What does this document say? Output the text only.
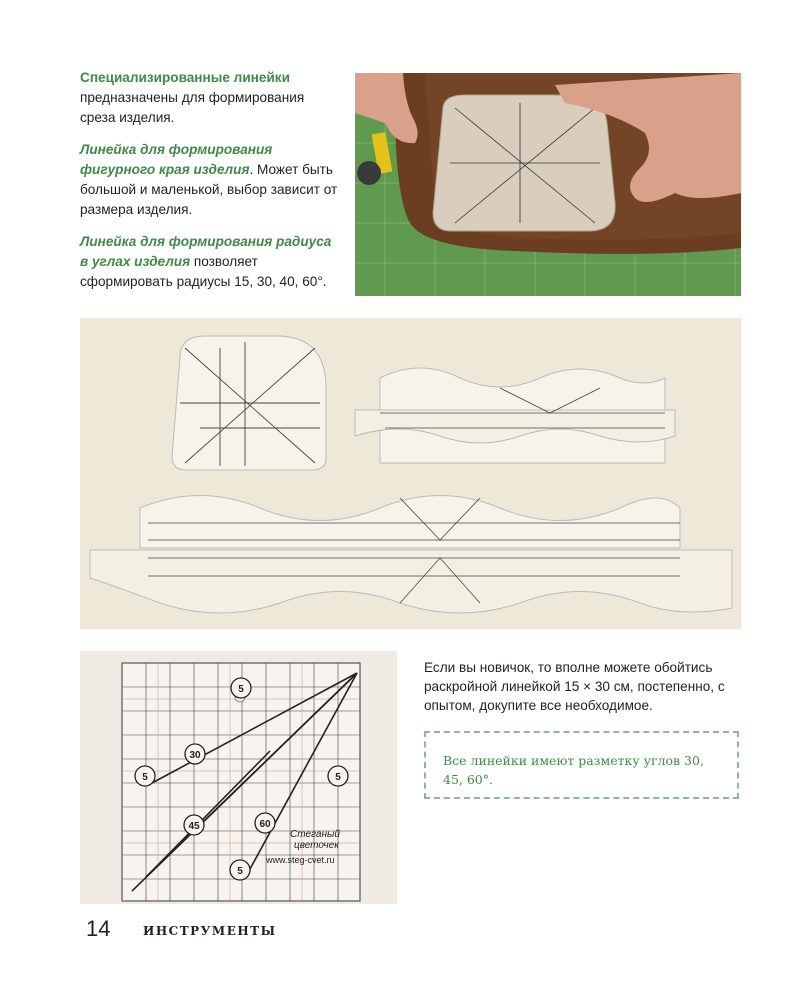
Специализированные линейки
предназначены для формирования среза изделия.

Линейка для формирования фигурного края изделия. Может быть большой и маленькой, выбор зависит от размера изделия.

Линейка для формирования радиуса в углах изделия позволяет сформировать радиусы 15, 30, 40, 60°.

5
30
5	5
45	60
5
Стеганый
цветочек
www.steg-cvet.ru
Если вы новичок, то вполне можете обойтись раскройной линейкой 15 × 30 см, постепенно, с опытом, докупите все необходимое.
Все линейки имеют разметку углов 30, 45, 60°.
14	ИНСТРУМЕНТЫ
